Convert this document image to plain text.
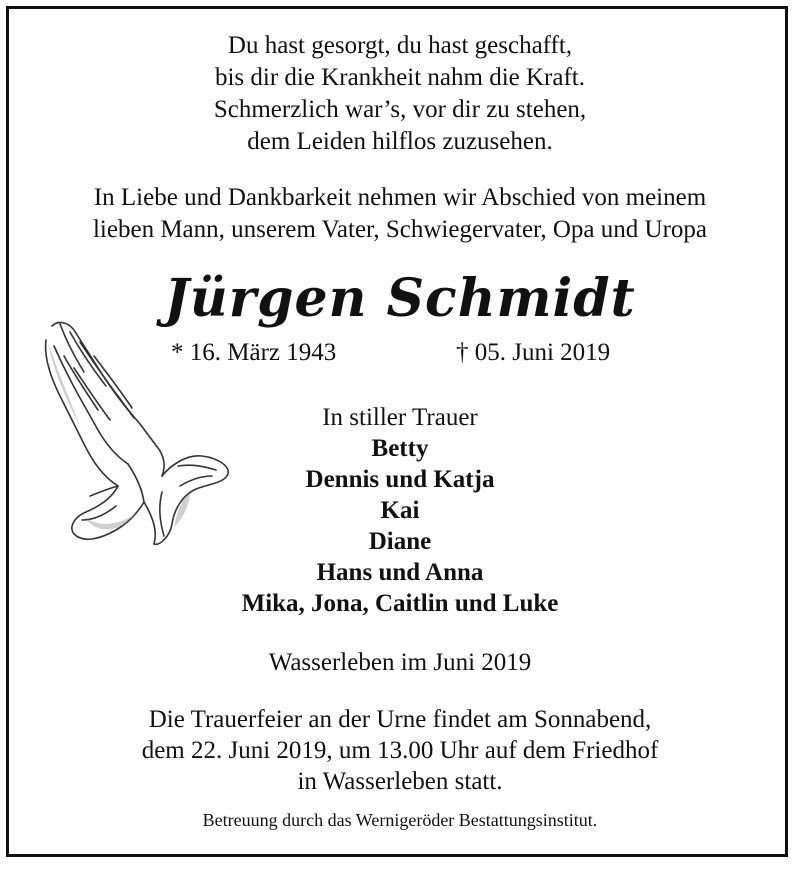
Du hast gesorgt, du hast geschafft,
bis dir die Krankheit nahm die Kraft.
Schmerzlich war’s, vor dir zu stehen,
dem Leiden hilflos zuzusehen.
In Liebe und Dankbarkeit nehmen wir Abschied von meinem
lieben Mann, unserem Vater, Schwiegervater, Opa und Uropa
Jürgen Schmidt
* 16. März 1943	† 05. Juni 2019
In stiller Trauer
Betty
Dennis und Katja
Kai
Diane
Hans und Anna
Mika, Jona, Caitlin und Luke
Wasserleben im Juni 2019
Die Trauerfeier an der Urne findet am Sonnabend,
dem 22. Juni 2019, um 13.00 Uhr auf dem Friedhof
in Wasserleben statt.
Betreuung durch das Wernigeröder Bestattungsinstitut.
